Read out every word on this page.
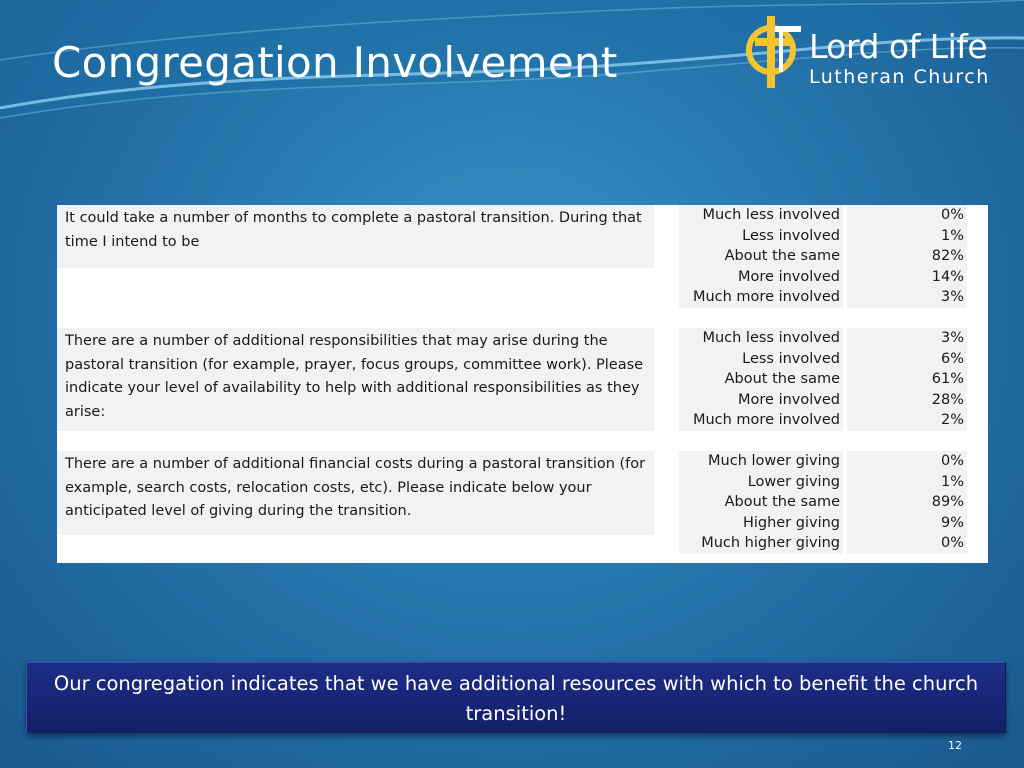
Congregation Involvement	Lord of Life
Lutheran Church
It could take a number of months to complete a pastoral transition. During that time I intend to be
Much less involved	0%
Less involved	1%
About the same	82%
More involved	14%
Much more involved	3%
There are a number of additional responsibilities that may arise during the pastoral transition (for example, prayer, focus groups, committee work). Please indicate your level of availability to help with additional responsibilities as they arise:
Much less involved	3%
Less involved	6%
About the same	61%
More involved	28%
Much more involved	2%
There are a number of additional financial costs during a pastoral transition (for example, search costs, relocation costs, etc). Please indicate below your anticipated level of giving during the transition.
Much lower giving	0%
Lower giving	1%
About the same	89%
Higher giving	9%
Much higher giving	0%
Our congregation indicates that we have additional resources with which to benefit the church transition!
12
